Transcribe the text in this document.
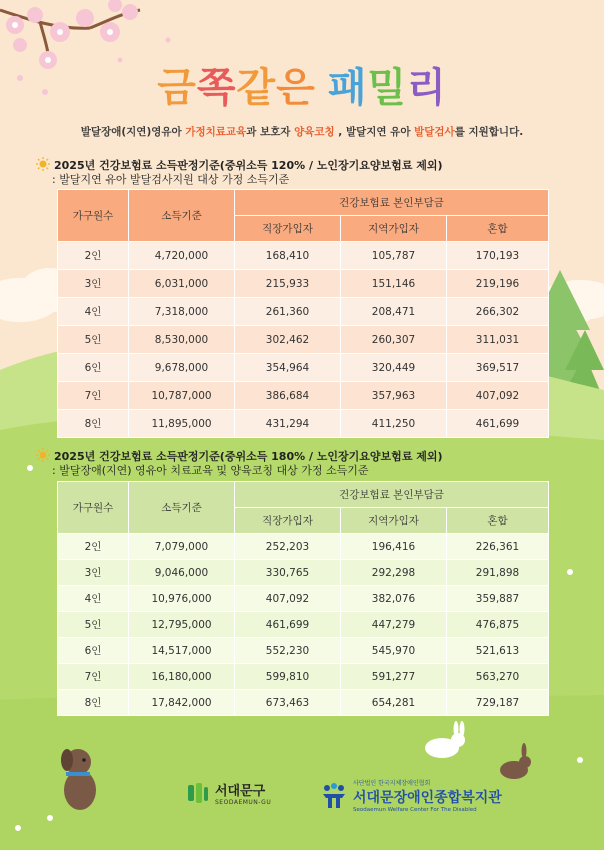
금쪽같은 패밀리
발달장애(지연)영유아 가정치료교육과 보호자 양육코칭 , 발달지연 유아 발달검사를 지원합니다.
2025년 건강보험료 소득판정기준(중위소득 120% / 노인장기요양보험료 제외)
: 발달지연 유아 발달검사지원 대상 가정 소득기준
가구원수	소득기준	건강보험료 본인부담금		
		직장가입자	지역가입자	혼합
2인	4,720,000	168,410	105,787	170,193
3인	6,031,000	215,933	151,146	219,196
4인	7,318,000	261,360	208,471	266,302
5인	8,530,000	302,462	260,307	311,031
6인	9,678,000	354,964	320,449	369,517
7인	10,787,000	386,684	357,963	407,092
8인	11,895,000	431,294	411,250	461,699
2025년 건강보험료 소득판정기준(중위소득 180% / 노인장기요양보험료 제외)
: 발달장애(지연) 영유아 치료교육 및 양육코칭 대상 가정 소득기준
가구원수	소득기준	건강보험료 본인부담금		
		직장가입자	지역가입자	혼합
2인	7,079,000	252,203	196,416	226,361
3인	9,046,000	330,765	292,298	291,898
4인	10,976,000	407,092	382,076	359,887
5인	12,795,000	461,699	447,279	476,875
6인	14,517,000	552,230	545,970	521,613
7인	16,180,000	599,810	591,277	563,270
8인	17,842,000	673,463	654,281	729,187
서대문구
SEODAEMUN-GU
사단법인 한국지체장애인협회
서대문장애인종합복지관
Seodaemun Welfare Center For The Disabled
